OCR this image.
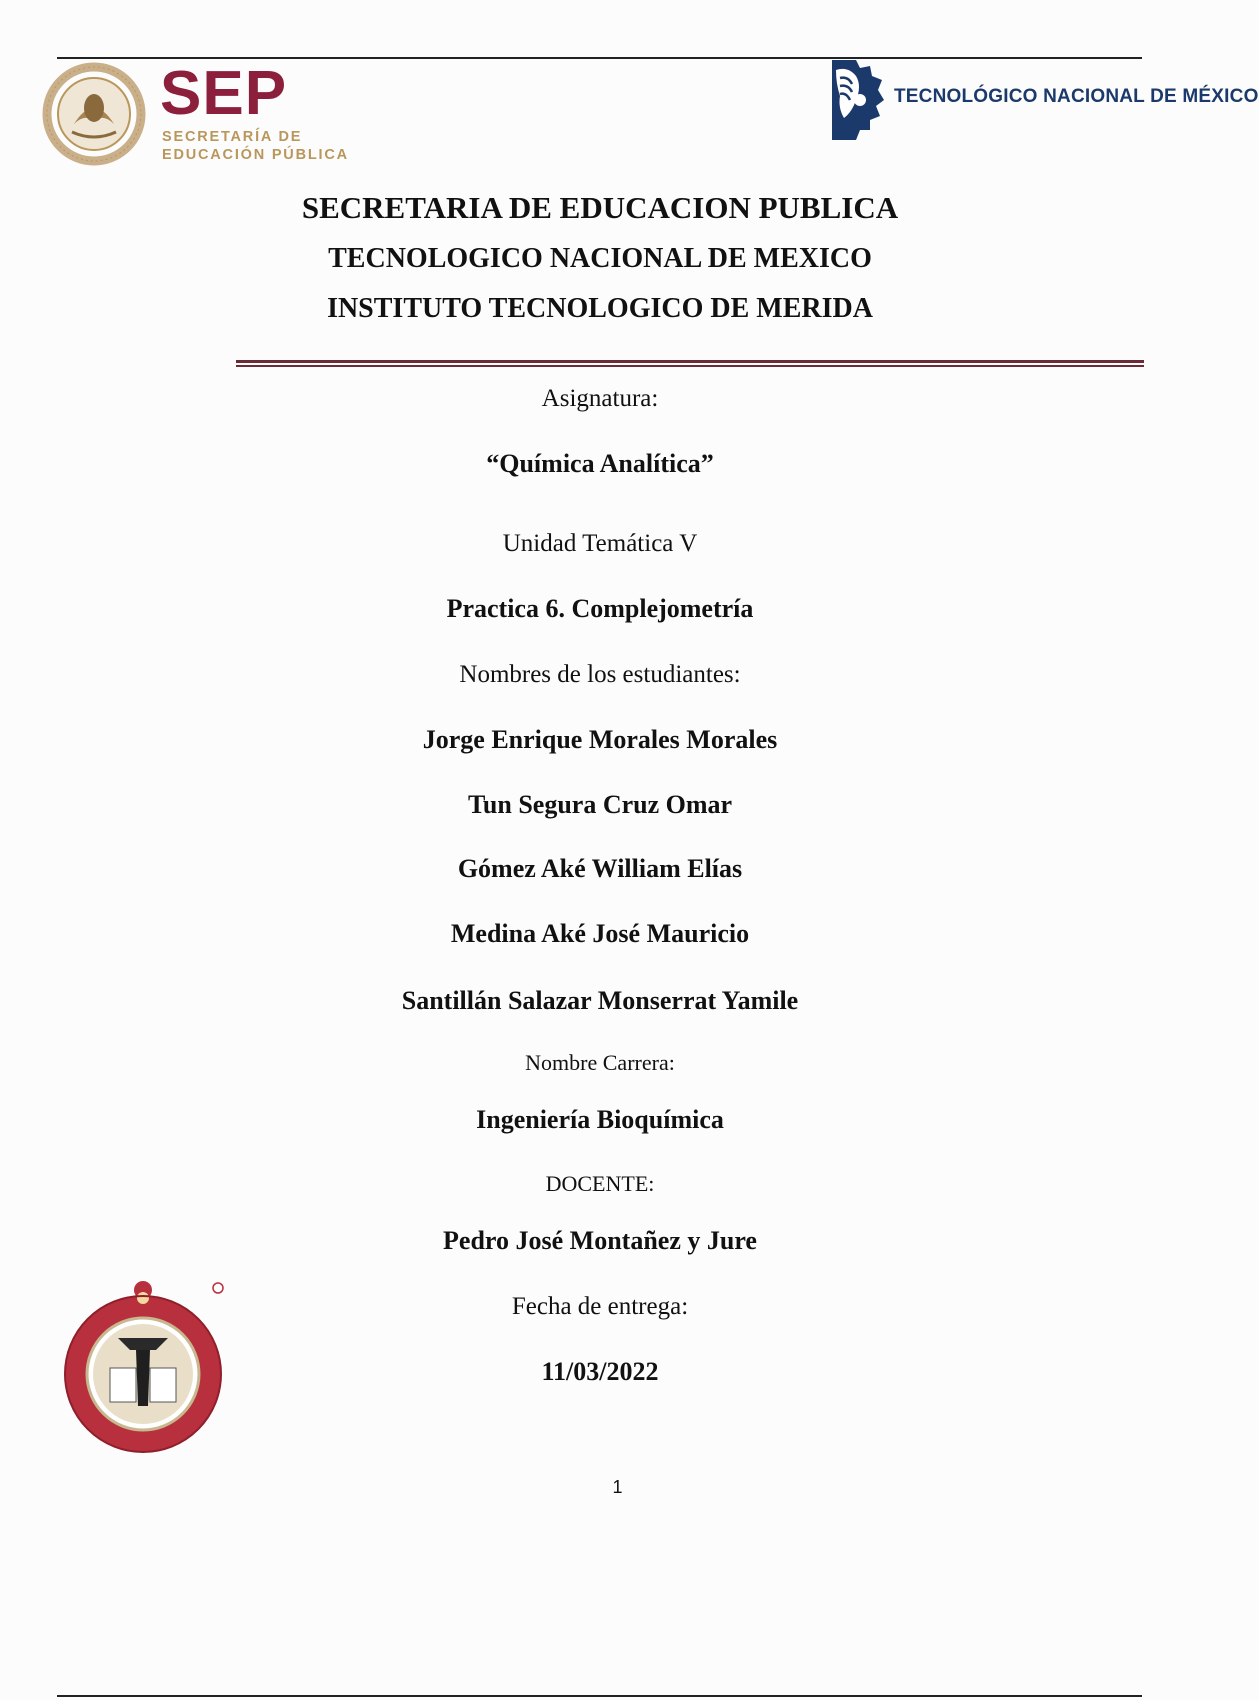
SEP
SECRETARÍA DE
EDUCACIÓN PÚBLICA
TECNOLÓGICO NACIONAL DE MÉXICO
SECRETARIA DE EDUCACION PUBLICA
TECNOLOGICO NACIONAL DE MEXICO
INSTITUTO TECNOLOGICO DE MERIDA
Asignatura:
“Química Analítica”
Unidad Temática V
Practica 6. Complejometría
Nombres de los estudiantes:
Jorge Enrique Morales Morales
Tun Segura Cruz Omar
Gómez Aké William Elías
Medina Aké José Mauricio
Santillán Salazar Monserrat Yamile
Nombre Carrera:
Ingeniería Bioquímica
DOCENTE:
Pedro José Montañez y Jure
Fecha de entrega:
11/03/2022
1
